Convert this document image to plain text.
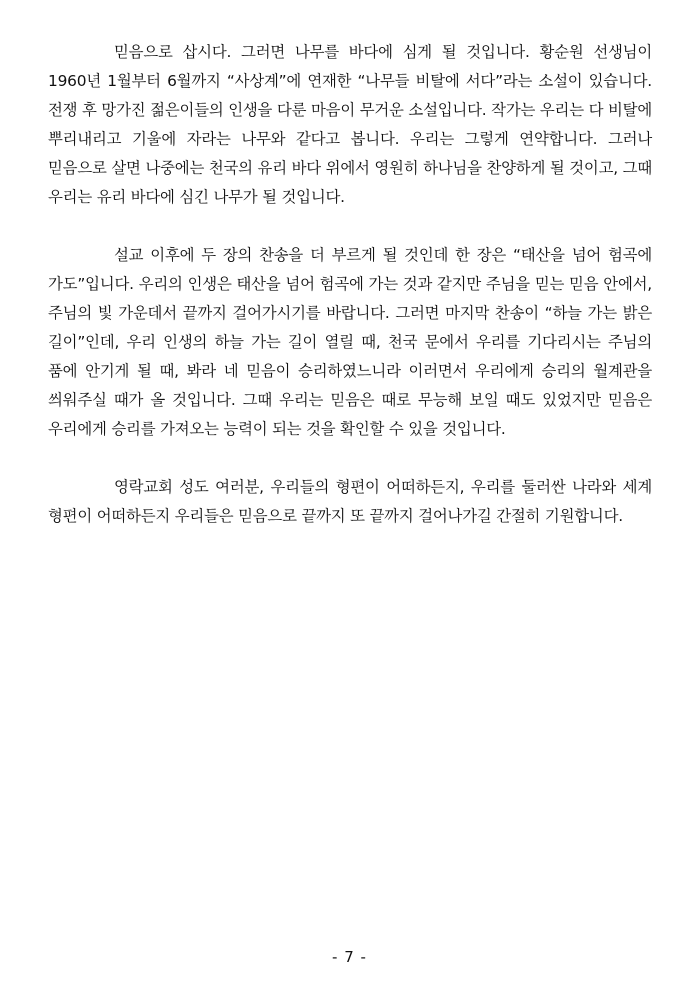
믿음으로 삽시다. 그러면 나무를 바다에 심게 될 것입니다. 황순원 선생님이 1960년 1월부터 6월까지 “사상계”에 연재한 “나무들 비탈에 서다”라는 소설이 있습니다. 전쟁 후 망가진 젊은이들의 인생을 다룬 마음이 무거운 소설입니다. 작가는 우리는 다 비탈에 뿌리내리고 기울에 자라는 나무와 같다고 봅니다. 우리는 그렇게 연약합니다. 그러나 믿음으로 살면 나중에는 천국의 유리 바다 위에서 영원히 하나님을 찬양하게 될 것이고, 그때 우리는 유리 바다에 심긴 나무가 될 것입니다.

설교 이후에 두 장의 찬송을 더 부르게 될 것인데 한 장은 “태산을 넘어 험곡에 가도”입니다. 우리의 인생은 태산을 넘어 험곡에 가는 것과 같지만 주님을 믿는 믿음 안에서, 주님의 빛 가운데서 끝까지 걸어가시기를 바랍니다. 그러면 마지막 찬송이 “하늘 가는 밝은 길이”인데, 우리 인생의 하늘 가는 길이 열릴 때, 천국 문에서 우리를 기다리시는 주님의 품에 안기게 될 때, 봐라 네 믿음이 승리하였느니라 이러면서 우리에게 승리의 월계관을 씌워주실 때가 올 것입니다. 그때 우리는 믿음은 때로 무능해 보일 때도 있었지만 믿음은 우리에게 승리를 가져오는 능력이 되는 것을 확인할 수 있을 것입니다.

영락교회 성도 여러분, 우리들의 형편이 어떠하든지, 우리를 둘러싼 나라와 세계 형편이 어떠하든지 우리들은 믿음으로 끝까지 또 끝까지 걸어나가길 간절히 기원합니다.

- 7 -
